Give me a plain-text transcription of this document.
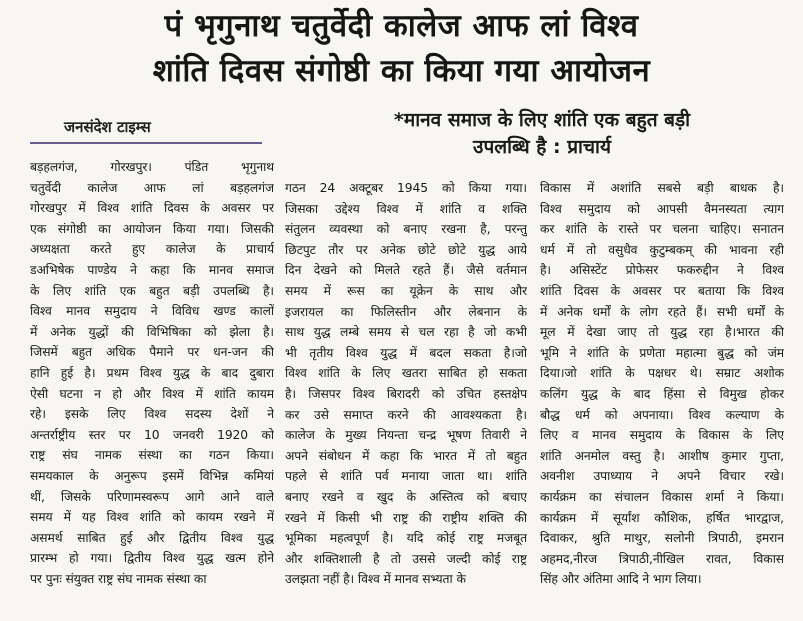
पं भृगुनाथ चतुर्वेदी कालेज आफ लां विश्व
शांति दिवस संगोष्ठी का किया गया आयोजन
जनसंदेश टाइम्स	*मानव समाज के लिए शांति एक बहुत बड़ी
उपलब्धि है : प्राचार्य
बड़हलगंज, गोरखपुर। पंडित भृगुनाथ
चतुर्वेदी कालेज आफ लां बड़हलगंज
गोरखपुर में विश्व शांति दिवस के अवसर पर
एक संगोष्ठी का आयोजन किया गया। जिसकी
अध्यक्षता करते हुए कालेज के प्राचार्य
डअभिषेक पाण्डेय ने कहा कि मानव समाज
के लिए शांति एक बहुत बड़ी उपलब्धि है।
विश्व मानव समुदाय ने विविध खण्ड कालों
में अनेक युद्धों की विभिषिका को झेला है।
जिसमें बहुत अधिक पैमाने पर धन-जन की
हानि हुई है। प्रथम विश्व युद्ध के बाद दुबारा
ऐसी घटना न हो और विश्व में शांति कायम
रहे। इसके लिए विश्व सदस्य देशों ने
अन्तर्राष्ट्रीय स्तर पर 10 जनवरी 1920 को
राष्ट्र संघ नामक संस्था का गठन किया।
समयकाल के अनुरूप इसमें विभिन्न कमियां
थीं, जिसके परिणामस्वरूप आगे आने वाले
समय में यह विश्व शांति को कायम रखने में
असमर्थ साबित हुई और द्वितीय विश्व युद्ध
प्रारम्भ हो गया। द्वितीय विश्व युद्ध खत्म होने
पर पुनः संयुक्त राष्ट्र संघ नामक संस्था का
गठन 24 अक्टूबर 1945 को किया गया।
जिसका उद्देश्य विश्व में शांति व शक्ति
संतुलन व्यवस्था को बनाए रखना है, परन्तु
छिटपुट तौर पर अनेक छोटे छोटे युद्ध आये
दिन देखने को मिलते रहते हैं। जैसे वर्तमान
समय में रूस का यूक्रेन के साथ और
इजरायल का फिलिस्तीन और लेबनान के
साथ युद्ध लम्बे समय से चल रहा है जो कभी
भी तृतीय विश्व युद्ध में बदल सकता है।जो
विश्व शांति के लिए खतरा साबित हो सकता
है। जिसपर विश्व बिरादरी को उचित हस्तक्षेप
कर उसे समाप्त करने की आवश्यकता है।
कालेज के मुख्य नियन्ता चन्द्र भूषण तिवारी ने
अपने संबोधन में कहा कि भारत में तो बहुत
पहले से शांति पर्व मनाया जाता था। शांति
बनाए रखने व खुद के अस्तित्व को बचाए
रखने में किसी भी राष्ट्र की राष्ट्रीय शक्ति की
भूमिका महत्वपूर्ण है। यदि कोई राष्ट्र मजबूत
और शक्तिशाली है तो उससे जल्दी कोई राष्ट्र
उलझता नहीं है। विश्व में मानव सभ्यता के
विकास में अशांति सबसे बड़ी बाधक है।
विश्व समुदाय को आपसी वैमनस्यता त्याग
कर शांति के रास्ते पर चलना चाहिए। सनातन
धर्म में तो वसुधैव कुटुम्बकम् की भावना रही
है। असिस्टेंट प्रोफेसर फकरुद्दीन ने विश्व
शांति दिवस के अवसर पर बताया कि विश्व
में अनेक धर्मों के लोग रहते हैं। सभी धर्मों के
मूल में देखा जाए तो युद्ध रहा है।भारत की
भूमि ने शांति के प्रणेता महात्मा बुद्ध को जंम
दिया।जो शांति के पक्षधर थे। सम्राट अशोक
कलिंग युद्ध के बाद हिंसा से विमुख होकर
बौद्ध धर्म को अपनाया। विश्व कल्याण के
लिए व मानव समुदाय के विकास के लिए
शांति अनमोल वस्तु है। आशीष कुमार गुप्ता,
अवनीश उपाध्याय ने अपने विचार रखे।
कार्यक्रम का संचालन विकास शर्मा ने किया।
कार्यक्रम में सूर्यांश कौशिक, हर्षित भारद्वाज,
दिवाकर, श्रुति माथुर, सलोनी त्रिपाठी, इमरान
अहमद,नीरज त्रिपाठी,नीखिल रावत, विकास
सिंह और अंतिमा आदि ने भाग लिया।
